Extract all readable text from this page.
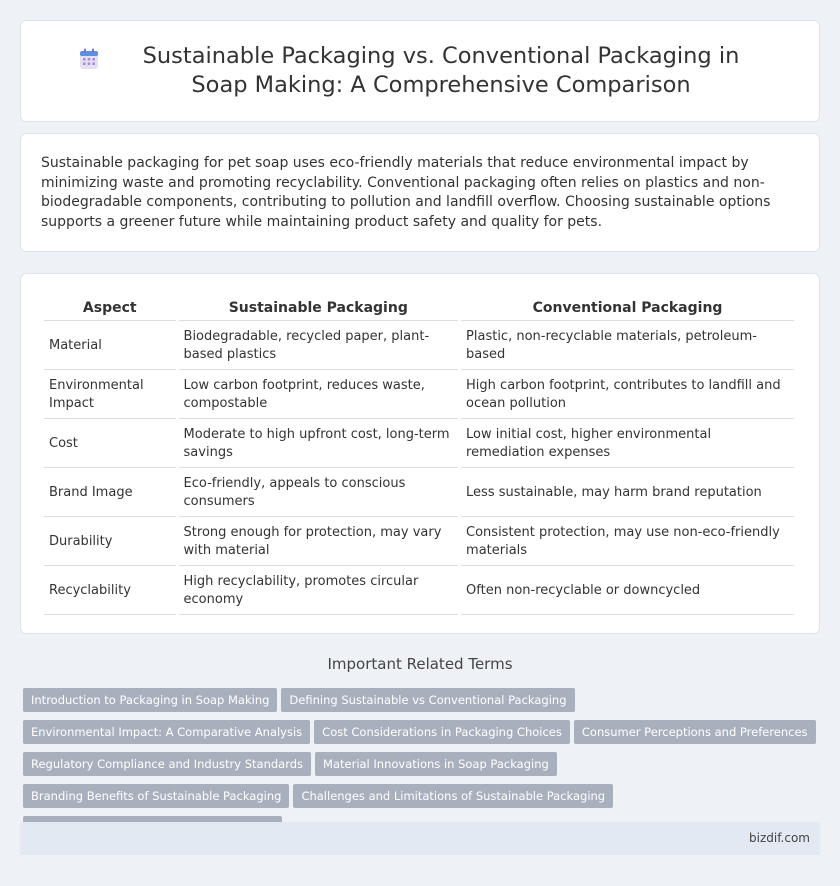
Sustainable Packaging vs. Conventional Packaging in Soap Making: A Comprehensive Comparison

Sustainable packaging for pet soap uses eco-friendly materials that reduce environmental impact by minimizing waste and promoting recyclability. Conventional packaging often relies on plastics and non-biodegradable components, contributing to pollution and landfill overflow. Choosing sustainable options supports a greener future while maintaining product safety and quality for pets.

Aspect	Sustainable Packaging	Conventional Packaging
Material	Biodegradable, recycled paper, plant-based plastics	Plastic, non-recyclable materials, petroleum-based
Environmental Impact	Low carbon footprint, reduces waste, compostable	High carbon footprint, contributes to landfill and ocean pollution
Cost	Moderate to high upfront cost, long-term savings	Low initial cost, higher environmental remediation expenses
Brand Image	Eco-friendly, appeals to conscious consumers	Less sustainable, may harm brand reputation
Durability	Strong enough for protection, may vary with material	Consistent protection, may use non-eco-friendly materials
Recyclability	High recyclability, promotes circular economy	Often non-recyclable or downcycled
Important Related Terms
Introduction to Packaging in Soap Making Defining Sustainable vs Conventional PackagingEnvironmental Impact: A Comparative Analysis Cost Considerations in Packaging Choices Consumer Perceptions and PreferencesRegulatory Compliance and Industry Standards Material Innovations in Soap PackagingBranding Benefits of Sustainable Packaging Challenges and Limitations of Sustainable Packaging
bizdif.com
